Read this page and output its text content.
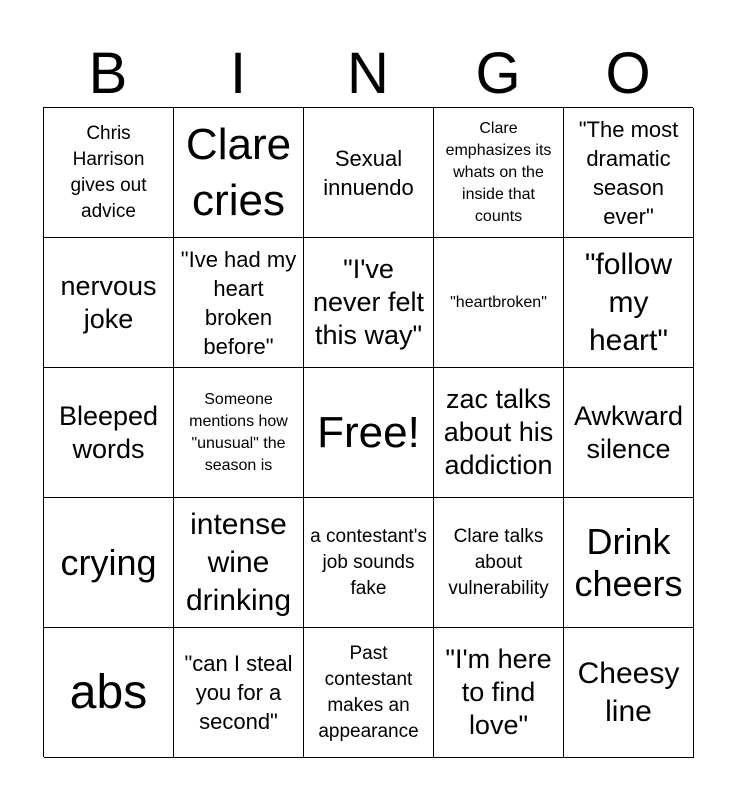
B	I	N	G	O
Chris Harrison gives out advice
Clare cries
Sexual innuendo
Clare emphasizes its whats on the inside that counts
"The most dramatic season ever"
nervous joke
"Ive had my heart broken before"
"I've never felt this way"
"heartbroken"
"follow my heart"
Bleeped words
Someone mentions how "unusual" the season is
Free!
zac talks about his addiction
Awkward silence
crying
intense wine drinking
a contestant's job sounds fake
Clare talks about vulnerability
Drink cheers
abs
"can I steal you for a second"
Past contestant makes an appearance
"I'm here to find love"
Cheesy line
